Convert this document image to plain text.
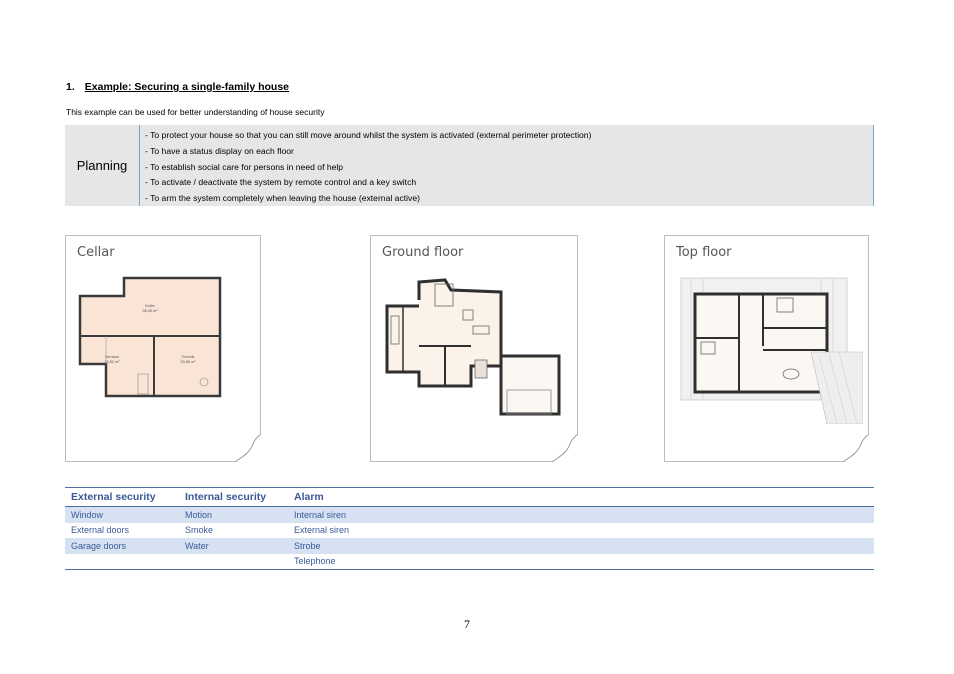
1. Example: Securing a single-family house
This example can be used for better understanding of house security
Planning
- To protect your house so that you can still move around whilst the system is activated (external perimeter protection)
- To have a status display on each floor
- To establish social care for persons in need of help
- To activate / deactivate the system by remote control and a key switch
- To arm the system completely when leaving the house (external active)
Cellar
Keller
58,45 m²
Vorraum
24,52 m²
Technik
20,86 m²
Ground floor	Top floor
External security	Internal security	Alarm
Window	Motion	Internal siren
External doors	Smoke	External siren
Garage doors	Water	Strobe
		Telephone
7
